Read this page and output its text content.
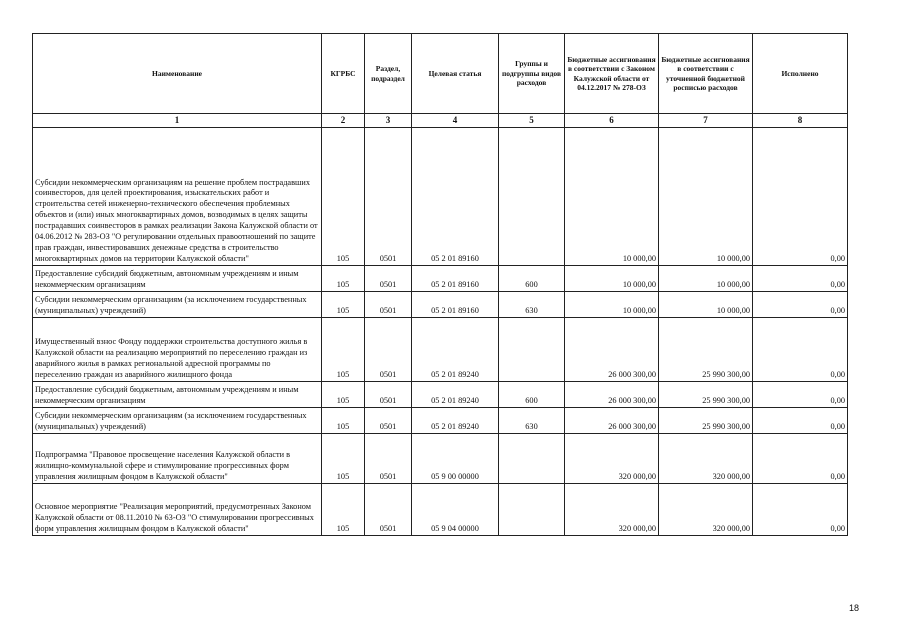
Наименование	КГРБС	Раздел, подраздел	Целевая статья	Группы и подгруппы видов расходов	Бюджетные ассигнования в соответствии с Законом Калужской области от 04.12.2017 № 278-ОЗ	Бюджетные ассигнования в соответствии с уточненной бюджетной росписью расходов	Исполнено
1	2	3	4	5	6	7	8
Субсидии некоммерческим организациям на решение проблем пострадавших соинвесторов, для целей проектирования, изыскательских работ и строительства сетей инженерно-технического обеспечения проблемных объектов и (или) иных многоквартирных домов, возводимых в целях защиты пострадавших соинвесторов в рамках реализации Закона Калужской области от 04.06.2012 № 283-ОЗ "О регулировании отдельных правоотношений по защите прав граждан, инвестировавших денежные средства в строительство многоквартирных домов на территории Калужской области"	105	0501	05 2 01 89160		10 000,00	10 000,00	0,00
Предоставление субсидий бюджетным, автономным учреждениям и иным некоммерческим организациям	105	0501	05 2 01 89160	600	10 000,00	10 000,00	0,00
Субсидии некоммерческим организациям (за исключением государственных (муниципальных) учреждений)	105	0501	05 2 01 89160	630	10 000,00	10 000,00	0,00
Имущественный взнос Фонду поддержки строительства доступного жилья в Калужской области на реализацию мероприятий по переселению граждан из аварийного жилья в рамках региональной адресной программы по переселению граждан из аварийного жилищного фонда	105	0501	05 2 01 89240		26 000 300,00	25 990 300,00	0,00
Предоставление субсидий бюджетным, автономным учреждениям и иным некоммерческим организациям	105	0501	05 2 01 89240	600	26 000 300,00	25 990 300,00	0,00
Субсидии некоммерческим организациям (за исключением государственных (муниципальных) учреждений)	105	0501	05 2 01 89240	630	26 000 300,00	25 990 300,00	0,00
Подпрограмма "Правовое просвещение населения Калужской области в жилищно-коммунальной сфере и стимулирование прогрессивных форм управления жилищным фондом в Калужской области"	105	0501	05 9 00 00000		320 000,00	320 000,00	0,00
Основное мероприятие "Реализация мероприятий, предусмотренных Законом Калужской области от 08.11.2010 № 63-ОЗ "О стимулировании прогрессивных форм управления жилищным фондом в Калужской области"	105	0501	05 9 04 00000		320 000,00	320 000,00	0,00
18
